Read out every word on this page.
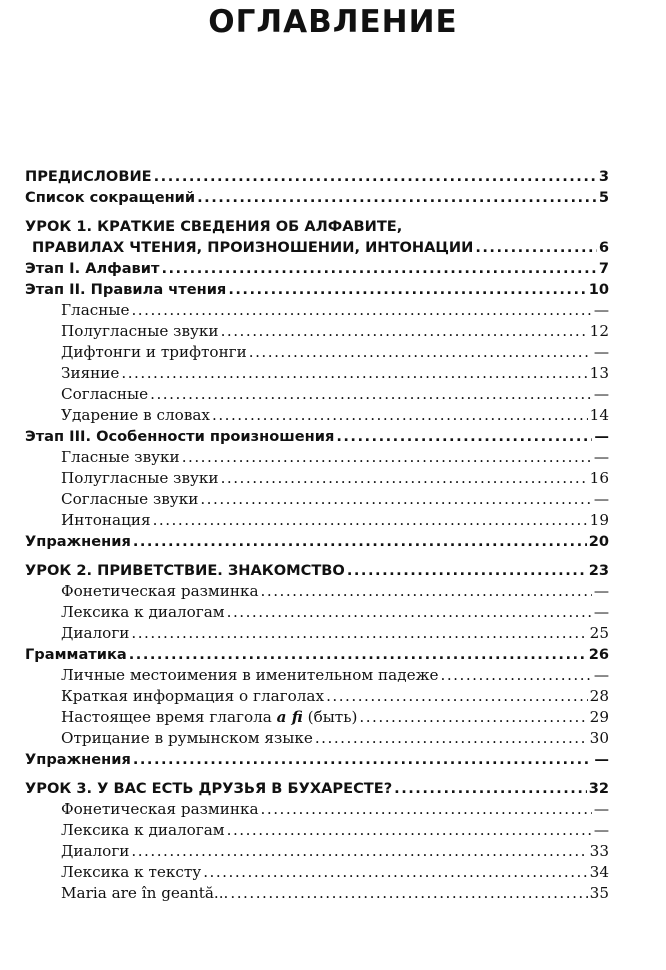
ОГЛАВЛЕНИЕ
ПРЕДИСЛОВИЕ .....	3
Список сокращений .....	5
УРОК 1. КРАТКИЕ СВЕДЕНИЯ ОБ АЛФАВИТЕ,
ПРАВИЛАХ ЧТЕНИЯ, ПРОИЗНОШЕНИИ, ИНТОНАЦИИ .....	6
Этап I. Алфавит .....	7
Этап II. Правила чтения .....	10
Гласные .....	—
Полугласные звуки .....	12
Дифтонги и трифтонги .....	—
Зияние .....	13
Согласные .....	—
Ударение в словах .....	14
Этап III. Особенности произношения .....	—
Гласные звуки .....	—
Полугласные звуки .....	16
Согласные звуки .....	—
Интонация .....	19
Упражнения .....	20
УРОК 2. ПРИВЕТСТВИЕ. ЗНАКОМСТВО .....	23
Фонетическая разминка .....	—
Лексика к диалогам .....	—
Диалоги .....	25
Грамматика .....	26
Личные местоимения в именительном падеже .....	—
Краткая информация о глаголах .....	28
Настоящее время глагола a fi (быть) .....	29
Отрицание в румынском языке .....	30
Упражнения .....	—
УРОК 3. У ВАС ЕСТЬ ДРУЗЬЯ В БУХАРЕСТЕ? .....	32
Фонетическая разминка .....	—
Лексика к диалогам .....	—
Диалоги .....	33
Лексика к тексту .....	34
Maria are în geantă... .....	35
